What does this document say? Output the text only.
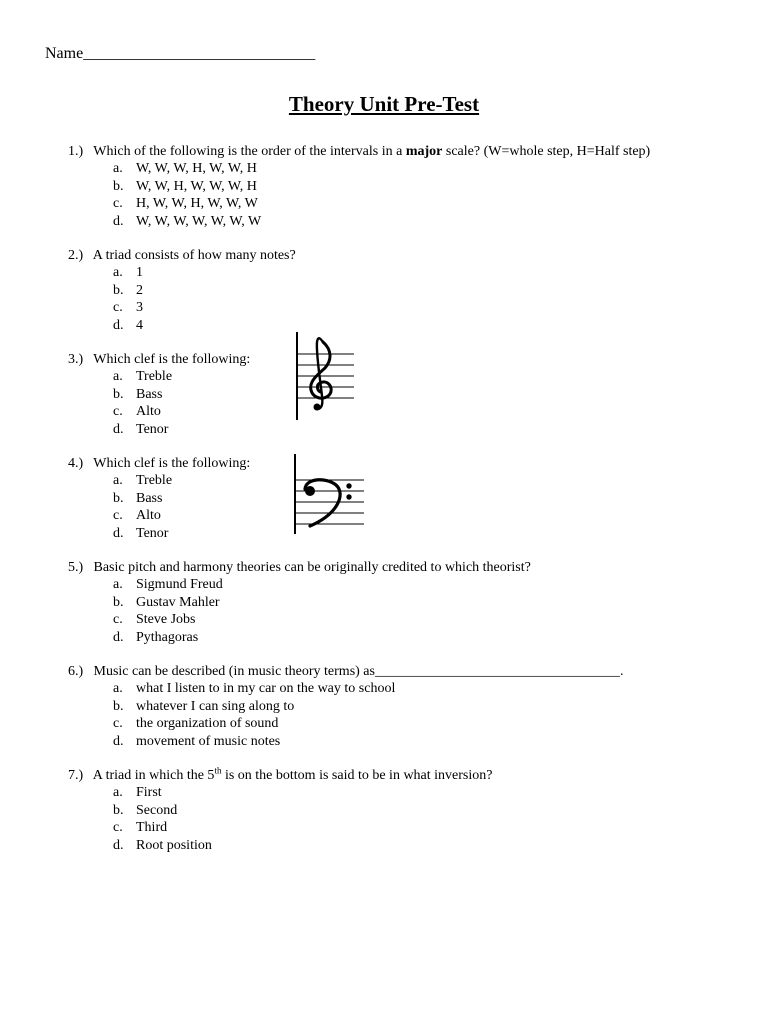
Name_____________________________
Theory Unit Pre-Test
1.) Which of the following is the order of the intervals in a major scale? (W=whole step, H=Half step)
a. W, W, W, H, W, W, H
b. W, W, H, W, W, W, H
c. H, W, W, H, W, W, W
d. W, W, W, W, W, W, W
2.) A triad consists of how many notes?
a. 1
b. 2
c. 3
d. 4
3.) Which clef is the following:
a. Treble
b. Bass
c. Alto
d. Tenor
4.) Which clef is the following:
a. Treble
b. Bass
c. Alto
d. Tenor
5.) Basic pitch and harmony theories can be originally credited to which theorist?
a. Sigmund Freud
b. Gustav Mahler
c. Steve Jobs
d. Pythagoras
6.) Music can be described (in music theory terms) as___________________________________.
a. what I listen to in my car on the way to school
b. whatever I can sing along to
c. the organization of sound
d. movement of music notes
7.) A triad in which the 5th is on the bottom is said to be in what inversion?
a. First
b. Second
c. Third
d. Root position
